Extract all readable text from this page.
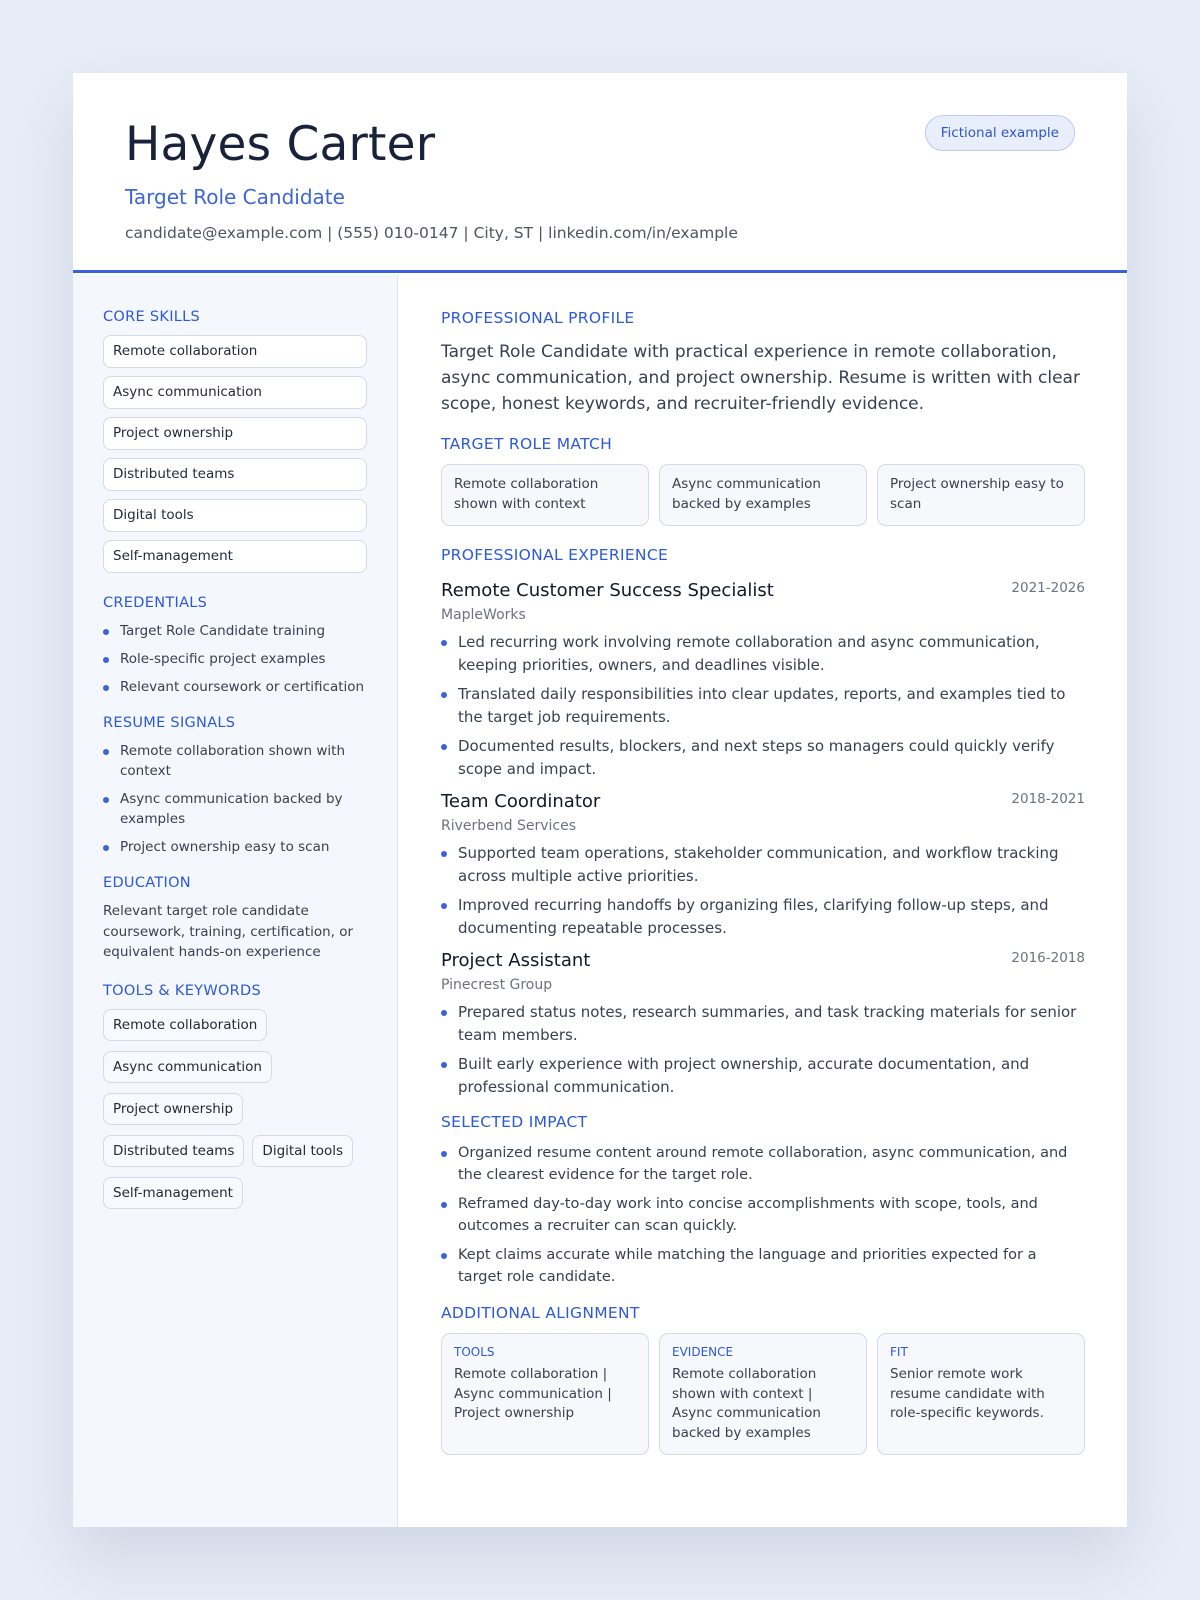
Hayes Carter
Target Role Candidate
candidate@example.com | (555) 010-0147 | City, ST | linkedin.com/in/example
Fictional example
CORE SKILLS
Remote collaboration
Async communication
Project ownership
Distributed teams
Digital tools
Self-management
CREDENTIALS
Target Role Candidate training
Role-specific project examples
Relevant coursework or certification
RESUME SIGNALS
Remote collaboration shown with context
Async communication backed by examples
Project ownership easy to scan
EDUCATION
Relevant target role candidate coursework, training, certification, or equivalent hands-on experience
TOOLS & KEYWORDS
Remote collaboration
Async communication
Project ownership
Distributed teams	Digital tools
Self-management
PROFESSIONAL PROFILE
Target Role Candidate with practical experience in remote collaboration, async communication, and project ownership. Resume is written with clear scope, honest keywords, and recruiter-friendly evidence.
TARGET ROLE MATCH
Remote collaboration shown with context
Async communication backed by examples
Project ownership easy to scan
PROFESSIONAL EXPERIENCE
Remote Customer Success Specialist	2021-2026
MapleWorks
Led recurring work involving remote collaboration and async communication, keeping priorities, owners, and deadlines visible.
Translated daily responsibilities into clear updates, reports, and examples tied to the target job requirements.
Documented results, blockers, and next steps so managers could quickly verify scope and impact.
Team Coordinator	2018-2021
Riverbend Services
Supported team operations, stakeholder communication, and workflow tracking across multiple active priorities.
Improved recurring handoffs by organizing files, clarifying follow-up steps, and documenting repeatable processes.
Project Assistant	2016-2018
Pinecrest Group
Prepared status notes, research summaries, and task tracking materials for senior team members.
Built early experience with project ownership, accurate documentation, and professional communication.
SELECTED IMPACT
Organized resume content around remote collaboration, async communication, and the clearest evidence for the target role.
Reframed day-to-day work into concise accomplishments with scope, tools, and outcomes a recruiter can scan quickly.
Kept claims accurate while matching the language and priorities expected for a target role candidate.
ADDITIONAL ALIGNMENT
TOOLS
Remote collaboration | Async communication | Project ownership
EVIDENCE
Remote collaboration shown with context | Async communication backed by examples
FIT
Senior remote work resume candidate with role-specific keywords.
